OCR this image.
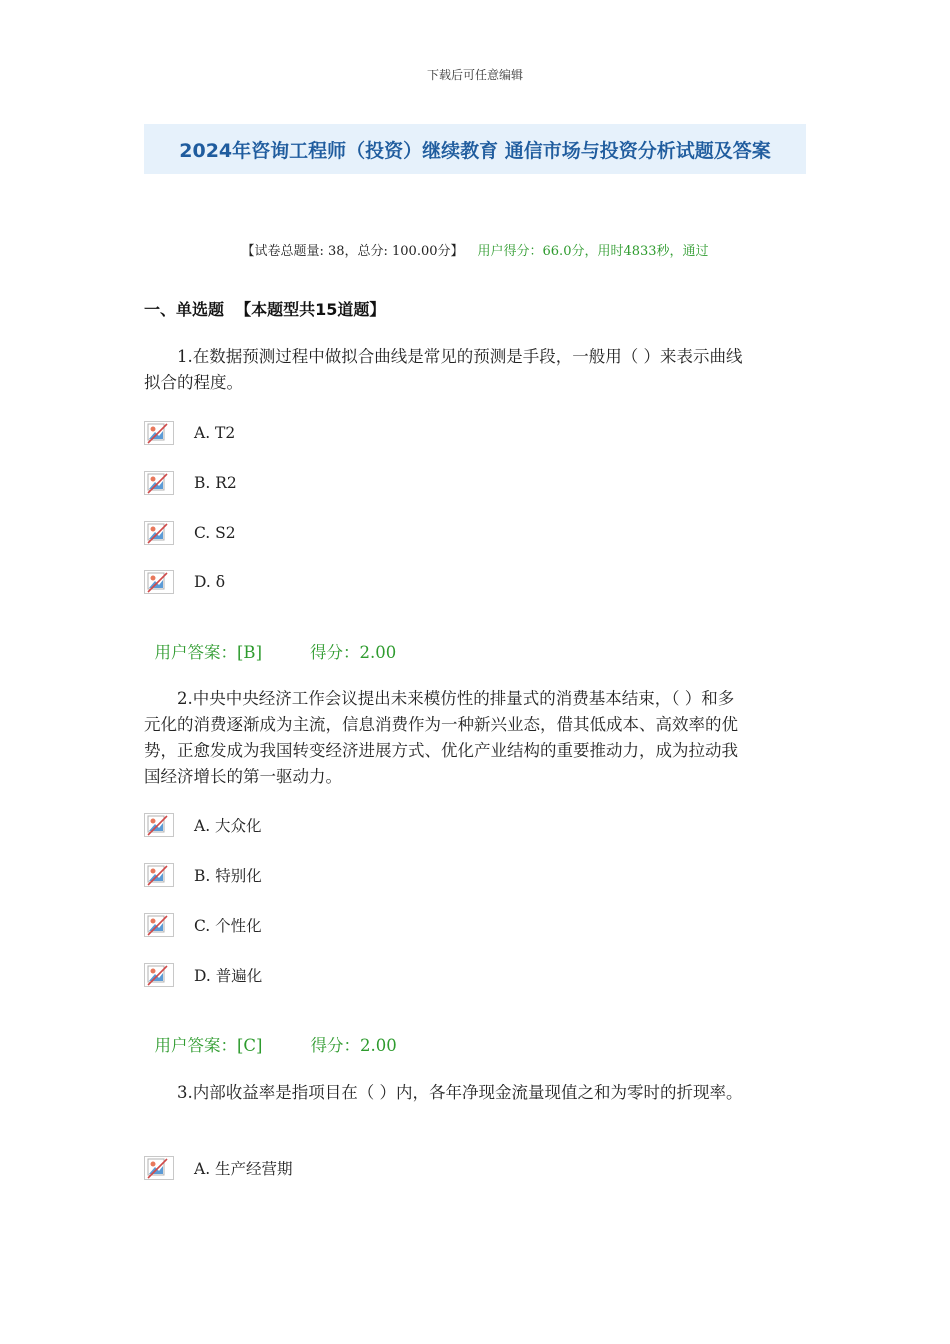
下载后可任意编辑
2024年咨询工程师（投资）继续教育 通信市场与投资分析试题及答案
【试卷总题量: 38，总分: 100.00分】 用户得分：66.0分，用时4833秒，通过
一、单选题  【本题型共15道题】
1.在数据预测过程中做拟合曲线是常见的预测是手段，一般用（ ）来表示曲线拟合的程度。
A. T2
B. R2
C. S2
D. δ

用户答案：[B]	得分：2.00

2.中央中央经济工作会议提出未来模仿性的排量式的消费基本结束，（ ）和多元化的消费逐渐成为主流，信息消费作为一种新兴业态，借其低成本、高效率的优势，正愈发成为我国转变经济进展方式、优化产业结构的重要推动力，成为拉动我国经济增长的第一驱动力。
A. 大众化
B. 特别化
C. 个性化
D. 普遍化

用户答案：[C]	得分：2.00

3.内部收益率是指项目在（ ）内，各年净现金流量现值之和为零时的折现率。
A. 生产经营期
